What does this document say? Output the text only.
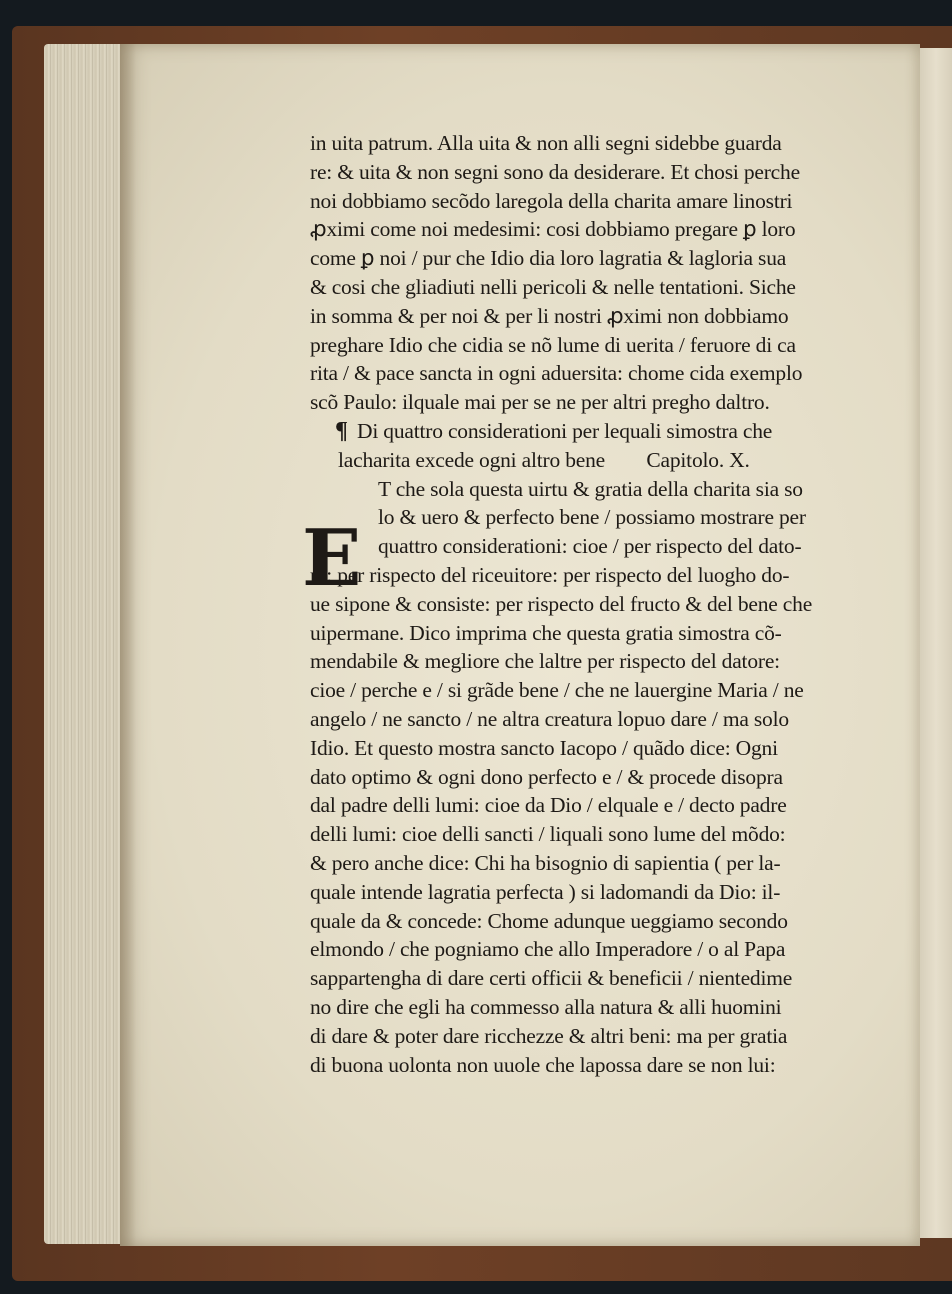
in uita patrum. Alla uita & non alli segni sidebbe guarda
re: & uita & non segni sono da desiderare. Et chosi perche
noi dobbiamo secõdo laregola della charita amare linostri
ꝓximi come noi medesimi: cosi dobbiamo pregare ꝑ loro
come ꝑ noi / pur che Idio dia loro lagratia & lagloria sua
& cosi che gliadiuti nelli pericoli & nelle tentationi. Siche
in somma & per noi & per li nostri ꝓximi non dobbiamo
preghare Idio che cidia se nõ lume di uerita / feruore di ca
rita / & pace sancta in ogni aduersita: chome cida exemplo
scõ Paulo: ilquale mai per se ne per altri pregho daltro.
¶ Di quattro considerationi per lequali simostra che
lacharita excede ogni altro bene        Capitolo. X.
E
T che sola questa uirtu & gratia della charita sia so
lo & uero & perfecto bene / possiamo mostrare per
quattro considerationi: cioe / per rispecto del dato-
re: per rispecto del riceuitore: per rispecto del luogho do-
ue sipone & consiste: per rispecto del fructo & del bene che
uipermane. Dico imprima che questa gratia simostra cõ-
mendabile & megliore che laltre per rispecto del datore:
cioe / perche e / si grãde bene / che ne lauergine Maria / ne
angelo / ne sancto / ne altra creatura lopuo dare / ma solo
Idio. Et questo mostra sancto Iacopo / quãdo dice: Ogni
dato optimo & ogni dono perfecto e / & procede disopra
dal padre delli lumi: cioe da Dio / elquale e / decto padre
delli lumi: cioe delli sancti / liquali sono lume del mõdo:
& pero anche dice: Chi ha bisognio di sapientia ( per la-
quale intende lagratia perfecta ) si ladomandi da Dio: il-
quale da & concede: Chome adunque ueggiamo secondo
elmondo / che pogniamo che allo Imperadore / o al Papa
sappartengha di dare certi officii & beneficii / nientedime
no dire che egli ha commesso alla natura & alli huomini
di dare & poter dare ricchezze & altri beni: ma per gratia
di buona uolonta non uuole che lapossa dare se non lui:
